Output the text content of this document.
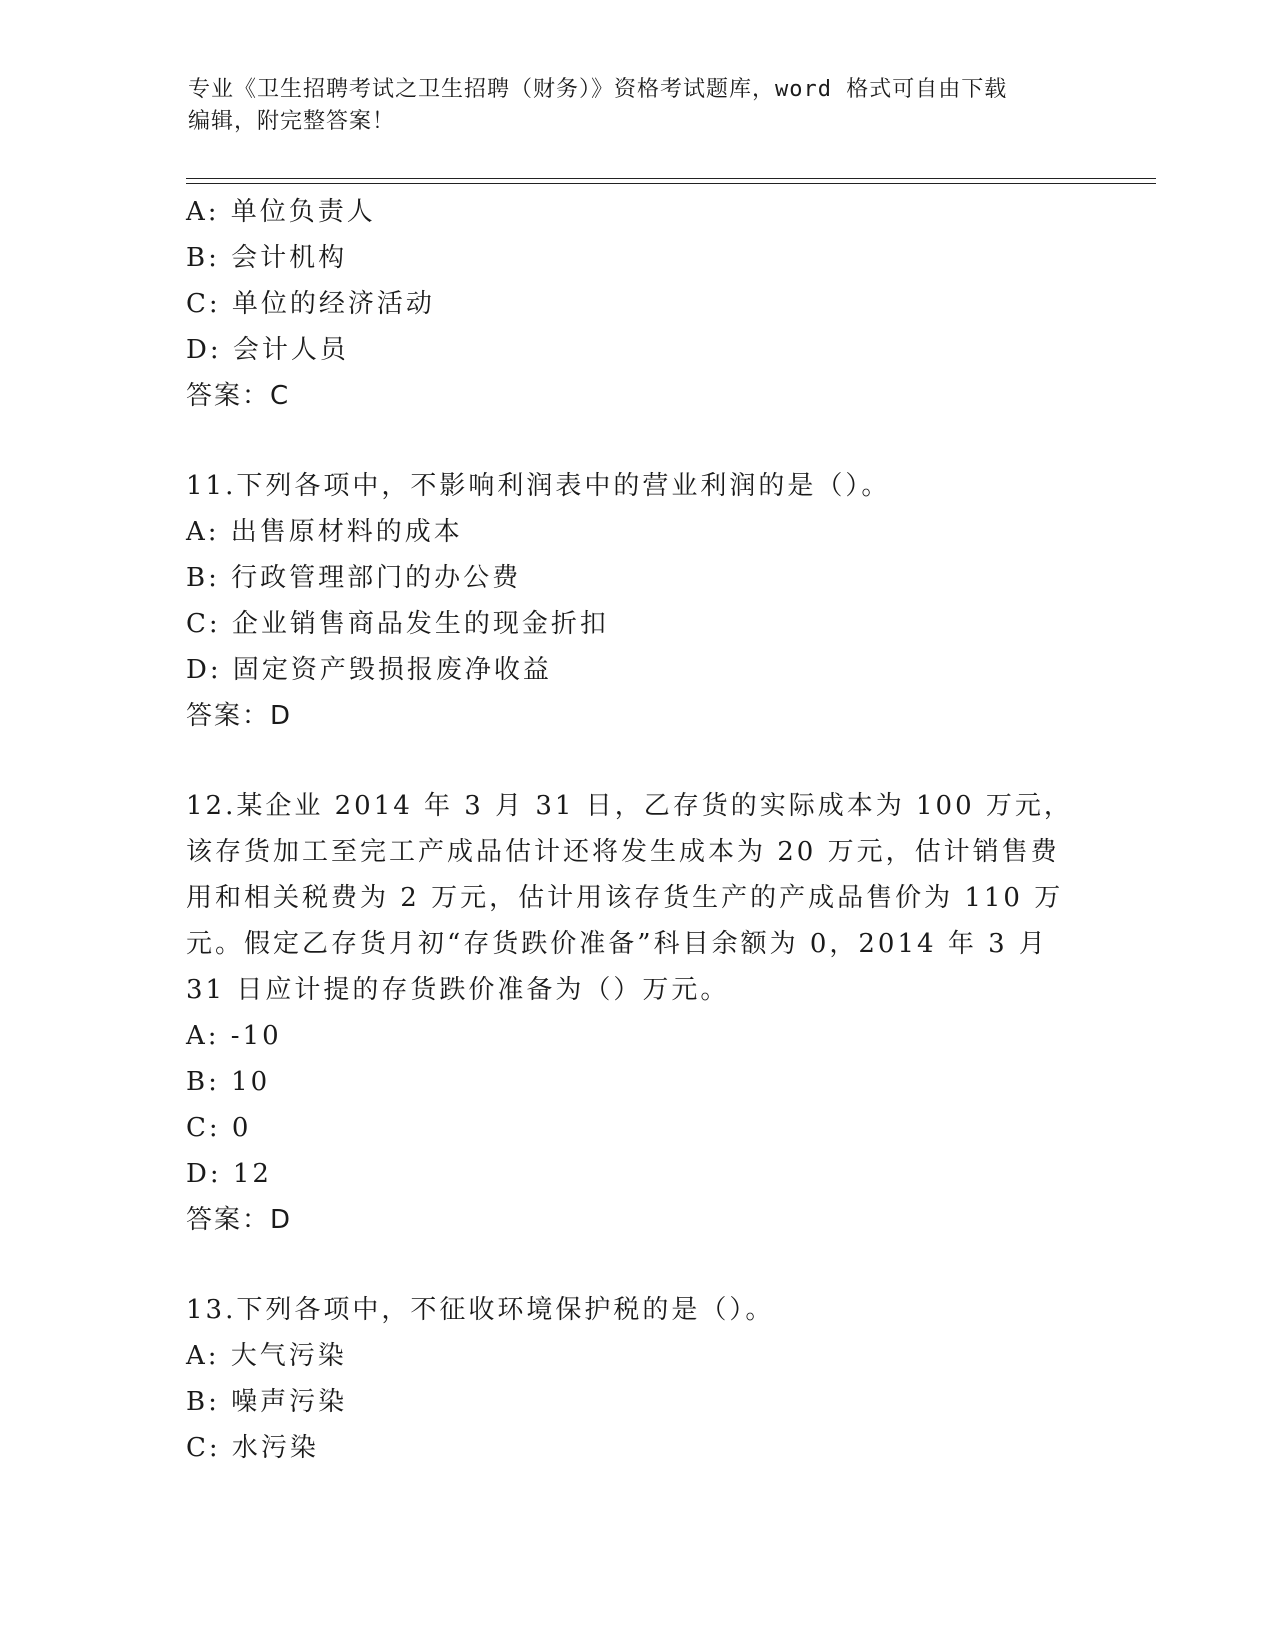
专业《卫生招聘考试之卫生招聘（财务）》资格考试题库，word 格式可自由下载
编辑，附完整答案！
A: 单位负责人
B: 会计机构
C: 单位的经济活动
D: 会计人员
答案：C
11.下列各项中，不影响利润表中的营业利润的是（）。
A: 出售原材料的成本
B: 行政管理部门的办公费
C: 企业销售商品发生的现金折扣
D: 固定资产毁损报废净收益
答案：D
12.某企业 2014 年 3 月 31 日，乙存货的实际成本为 100 万元，该存货加工至完工产成品估计还将发生成本为 20 万元，估计销售费用和相关税费为 2 万元，估计用该存货生产的产成品售价为 110 万元。假定乙存货月初“存货跌价准备”科目余额为 0，2014 年 3 月 31 日应计提的存货跌价准备为（）万元。
A: -10
B: 10
C: 0
D: 12
答案：D
13.下列各项中，不征收环境保护税的是（）。
A: 大气污染
B: 噪声污染
C: 水污染
